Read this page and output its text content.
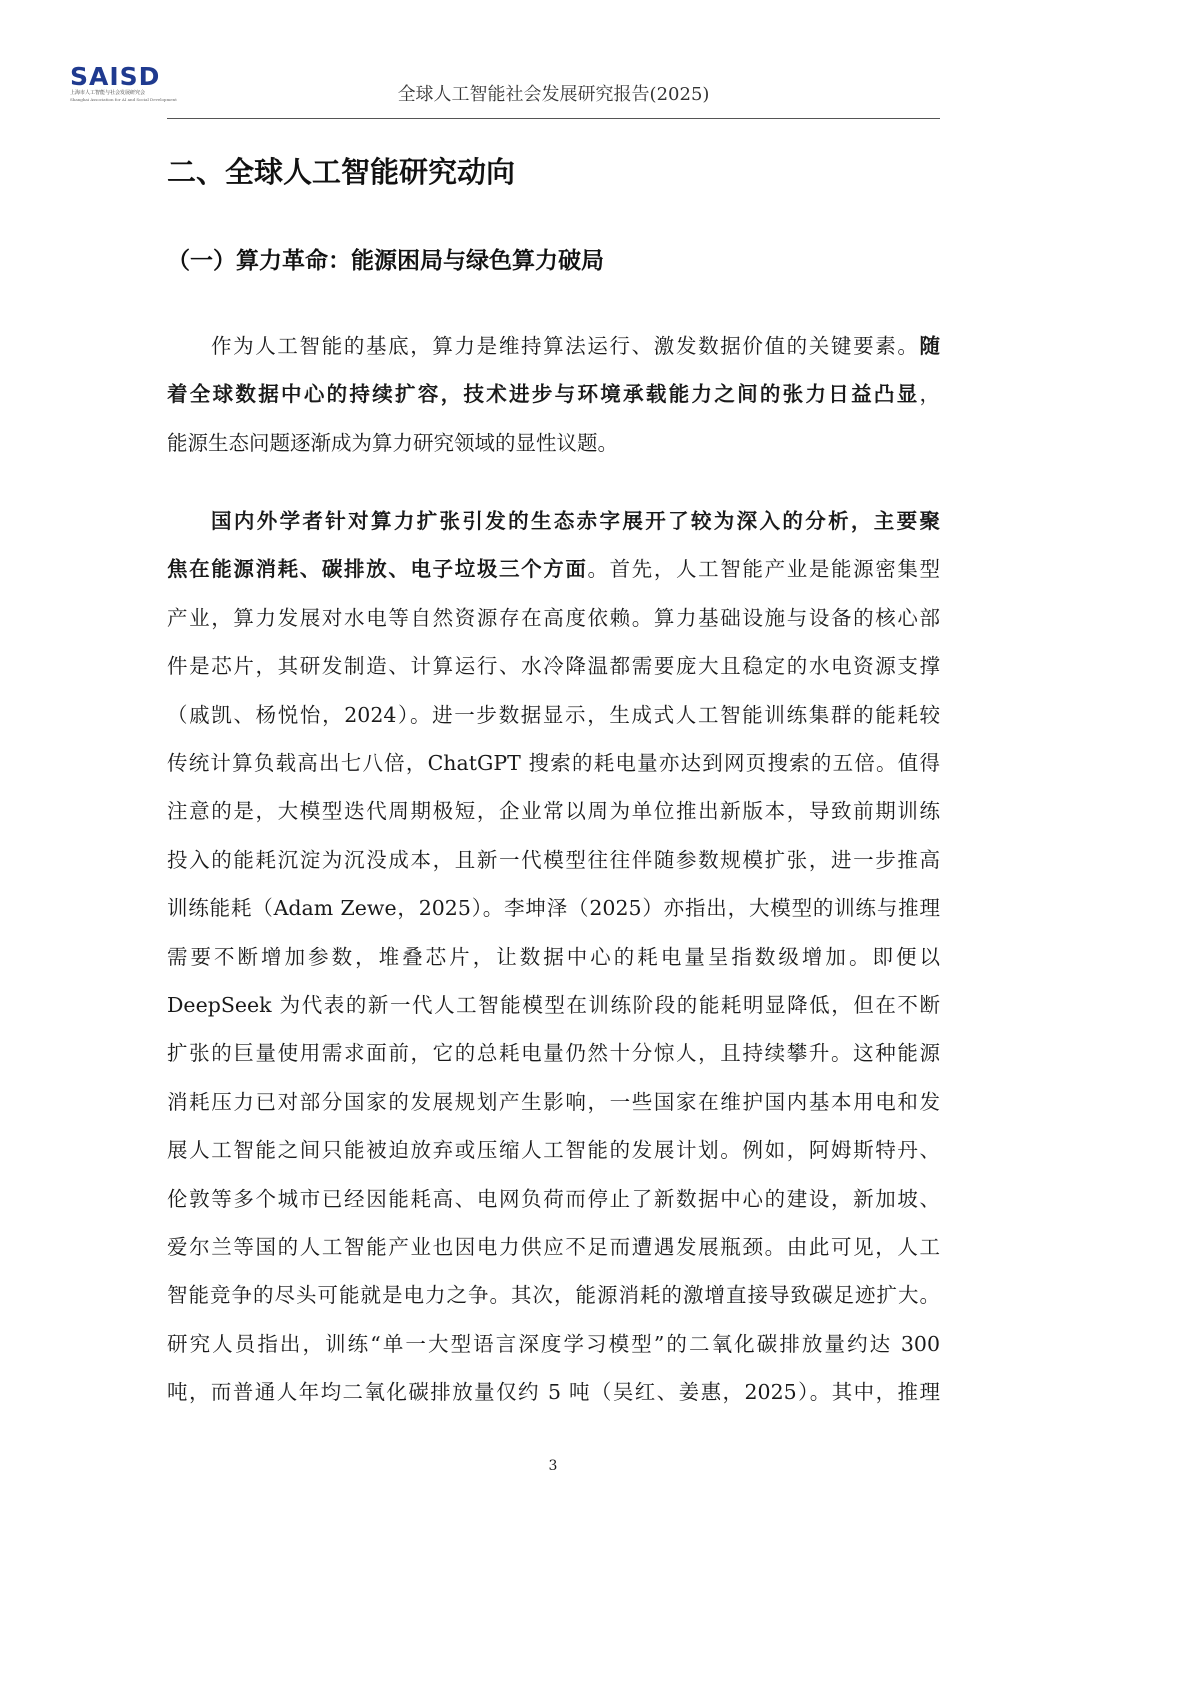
SAISD
上海市人工智能与社会发展研究会
Shanghai Association for AI and Social Development	全球人工智能社会发展研究报告(2025)
二、全球人工智能研究动向
（一）算力革命：能源困局与绿色算力破局
作为人工智能的基底，算力是维持算法运行、激发数据价值的关键要素。随
着全球数据中心的持续扩容，技术进步与环境承载能力之间的张力日益凸显，
能源生态问题逐渐成为算力研究领域的显性议题。
国内外学者针对算力扩张引发的生态赤字展开了较为深入的分析，主要聚
焦在能源消耗、碳排放、电子垃圾三个方面。首先，人工智能产业是能源密集型
产业，算力发展对水电等自然资源存在高度依赖。算力基础设施与设备的核心部
件是芯片，其研发制造、计算运行、水冷降温都需要庞大且稳定的水电资源支撑
（戚凯、杨悦怡，2024）。进一步数据显示，生成式人工智能训练集群的能耗较
传统计算负载高出七八倍，ChatGPT 搜索的耗电量亦达到网页搜索的五倍。值得
注意的是，大模型迭代周期极短，企业常以周为单位推出新版本，导致前期训练
投入的能耗沉淀为沉没成本，且新一代模型往往伴随参数规模扩张，进一步推高
训练能耗（Adam Zewe，2025）。李坤泽（2025）亦指出，大模型的训练与推理
需要不断增加参数，堆叠芯片，让数据中心的耗电量呈指数级增加。即便以
DeepSeek 为代表的新一代人工智能模型在训练阶段的能耗明显降低，但在不断
扩张的巨量使用需求面前，它的总耗电量仍然十分惊人，且持续攀升。这种能源
消耗压力已对部分国家的发展规划产生影响，一些国家在维护国内基本用电和发
展人工智能之间只能被迫放弃或压缩人工智能的发展计划。例如，阿姆斯特丹、
伦敦等多个城市已经因能耗高、电网负荷而停止了新数据中心的建设，新加坡、
爱尔兰等国的人工智能产业也因电力供应不足而遭遇发展瓶颈。由此可见，人工
智能竞争的尽头可能就是电力之争。其次，能源消耗的激增直接导致碳足迹扩大。
研究人员指出，训练“单一大型语言深度学习模型”的二氧化碳排放量约达 300
吨，而普通人年均二氧化碳排放量仅约 5 吨（吴红、姜惠，2025）。其中，推理
3
